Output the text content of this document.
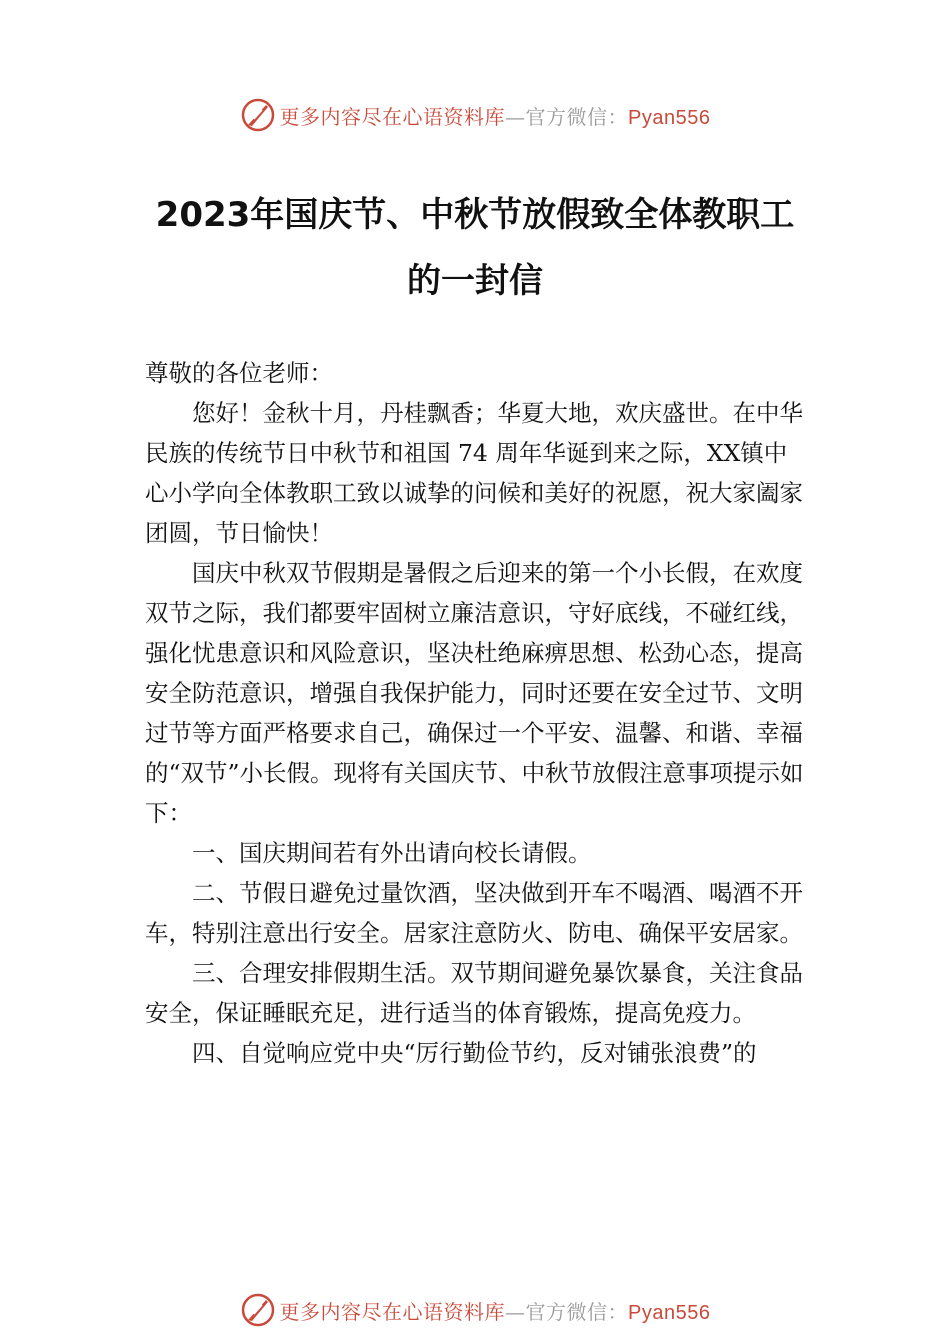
更多内容尽在心语资料库—官方微信：Pyan556
2023年国庆节、中秋节放假致全体教职工
的一封信

尊敬的各位老师：

您好！金秋十月，丹桂飘香；华夏大地，欢庆盛世。在中华民族的传统节日中秋节和祖国 74 周年华诞到来之际，XX镇中心小学向全体教职工致以诚挚的问候和美好的祝愿，祝大家阖家团圆，节日愉快！

国庆中秋双节假期是暑假之后迎来的第一个小长假，在欢度双节之际，我们都要牢固树立廉洁意识，守好底线，不碰红线，强化忧患意识和风险意识，坚决杜绝麻痹思想、松劲心态，提高安全防范意识，增强自我保护能力，同时还要在安全过节、文明过节等方面严格要求自己，确保过一个平安、温馨、和谐、幸福的“双节”小长假。现将有关国庆节、中秋节放假注意事项提示如下：

一、国庆期间若有外出请向校长请假。

二、节假日避免过量饮酒，坚决做到开车不喝酒、喝酒不开车，特别注意出行安全。居家注意防火、防电、确保平安居家。

三、合理安排假期生活。双节期间避免暴饮暴食，关注食品安全，保证睡眠充足，进行适当的体育锻炼，提高免疫力。

四、自觉响应党中央“厉行勤俭节约，反对铺张浪费”的

更多内容尽在心语资料库—官方微信：Pyan556
